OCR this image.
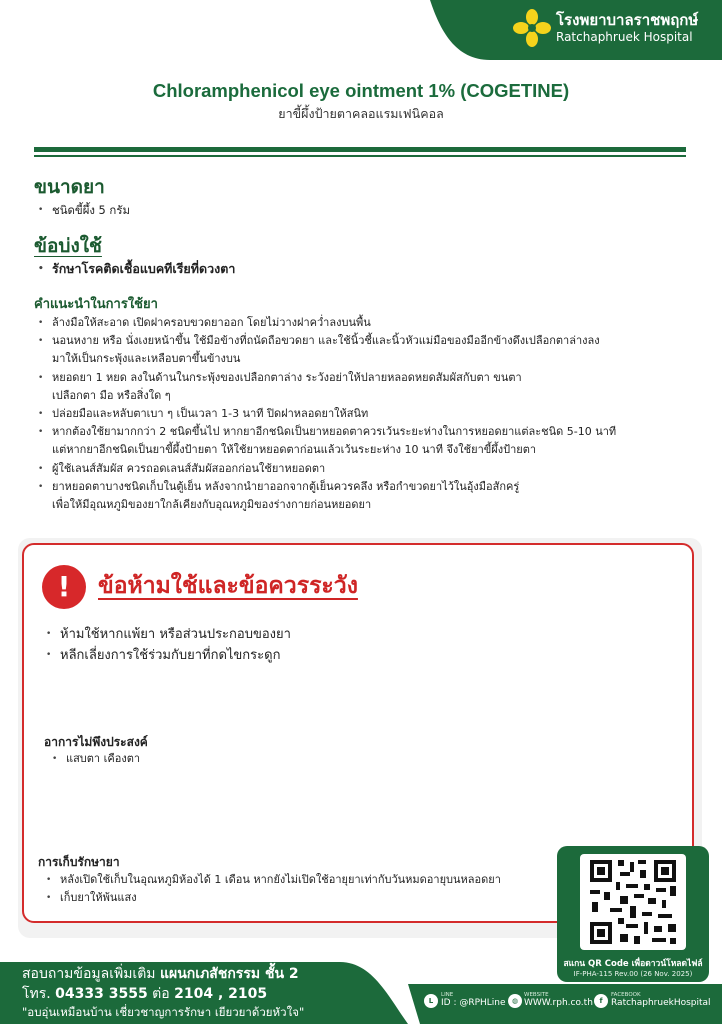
โรงพยาบาลราชพฤกษ์
Ratchaphruek Hospital
Chloramphenicol eye ointment 1% (COGETINE)
ยาขี้ผึ้งป้ายตาคลอแรมเฟนิคอล
ขนาดยา
• ชนิดขี้ผึ้ง 5 กรัม
ข้อบ่งใช้
• รักษาโรคติดเชื้อแบคทีเรียที่ดวงตา
คำแนะนำในการใช้ยา
• ล้างมือให้สะอาด เปิดฝาครอบขวดยาออก โดยไม่วางฝาคว่ำลงบนพื้น
• นอนหงาย หรือ นั่งเงยหน้าขึ้น ใช้มือข้างที่ถนัดถือขวดยา และใช้นิ้วชี้และนิ้วหัวแม่มือของมืออีกข้างดึงเปลือกตาล่างลง
มาให้เป็นกระพุ้งและเหลือบตาขึ้นข้างบน
• หยอดยา 1 หยด ลงในด้านในกระพุ้งของเปลือกตาล่าง ระวังอย่าให้ปลายหลอดหยดสัมผัสกับตา ขนตา
เปลือกตา มือ หรือสิ่งใด ๆ
• ปล่อยมือและหลับตาเบา ๆ เป็นเวลา 1-3 นาที ปิดฝาหลอดยาให้สนิท
• หากต้องใช้ยามากกว่า 2 ชนิดขึ้นไป หากยาอีกชนิดเป็นยาหยอดตาควรเว้นระยะห่างในการหยอดยาแต่ละชนิด 5-10 นาที
แต่หากยาอีกชนิดเป็นยาขี้ผึ้งป้ายตา ให้ใช้ยาหยอดตาก่อนแล้วเว้นระยะห่าง 10 นาที จึงใช้ยาขี้ผึ้งป้ายตา
• ผู้ใช้เลนส์สัมผัส ควรถอดเลนส์สัมผัสออกก่อนใช้ยาหยอดตา
• ยาหยอดตาบางชนิดเก็บในตู้เย็น หลังจากนำยาออกจากตู้เย็นควรคลึง หรือกำขวดยาไว้ในอุ้งมือสักครู่
เพื่อให้มีอุณหภูมิของยาใกล้เคียงกับอุณหภูมิของร่างกายก่อนหยอดยา
!	ข้อห้ามใช้และข้อควรระวัง
• ห้ามใช้หากแพ้ยา หรือส่วนประกอบของยา
• หลีกเลี่ยงการใช้ร่วมกับยาที่กดไขกระดูก
อาการไม่พึงประสงค์
• แสบตา เคืองตา
การเก็บรักษายา
• หลังเปิดใช้เก็บในอุณหภูมิห้องได้ 1 เดือน หากยังไม่เปิดใช้อายุยาเท่ากับวันหมดอายุบนหลอดยา
• เก็บยาให้พ้นแสง
สแกน QR Code เพื่อดาวน์โหลดไฟล์
IF-PHA-115 Rev.00 (26 Nov. 2025)
สอบถามข้อมูลเพิ่มเติม แผนกเภสัชกรรม ชั้น 2
โทร. 04333 3555 ต่อ 2104 , 2105
"อบอุ่นเหมือนบ้าน เชี่ยวชาญการรักษา เยียวยาด้วยหัวใจ"
L
LINE
ID : @RPHLine ◍
WEBSITE
WWW.rph.co.th f
FACEBOOK
RatchaphruekHospital
